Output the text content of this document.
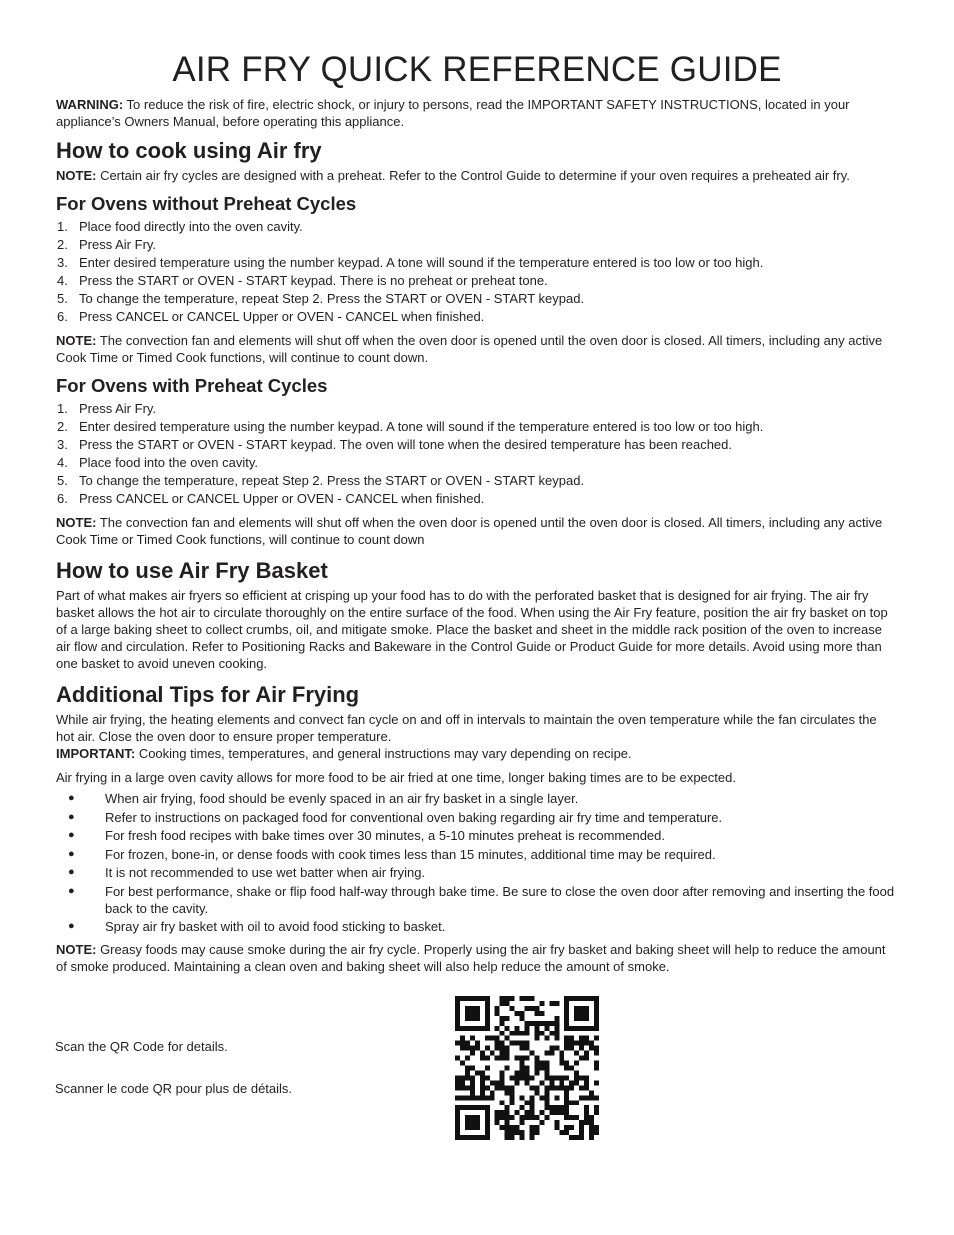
AIR FRY QUICK REFERENCE GUIDE

WARNING: To reduce the risk of fire, electric shock, or injury to persons, read the IMPORTANT SAFETY INSTRUCTIONS, located in your appliance’s Owners Manual, before operating this appliance.

How to cook using Air fry

NOTE: Certain air fry cycles are designed with a preheat. Refer to the Control Guide to determine if your oven requires a preheated air fry.

For Ovens without Preheat Cycles
1. Place food directly into the oven cavity.
2. Press Air Fry.
3. Enter desired temperature using the number keypad. A tone will sound if the temperature entered is too low or too high.
4. Press the START or OVEN - START keypad. There is no preheat or preheat tone.
5. To change the temperature, repeat Step 2. Press the START or OVEN - START keypad.
6. Press CANCEL or CANCEL Upper or OVEN - CANCEL when finished.

NOTE: The convection fan and elements will shut off when the oven door is opened until the oven door is closed. All timers, including any active Cook Time or Timed Cook functions, will continue to count down.

For Ovens with Preheat Cycles
1. Press Air Fry.
2. Enter desired temperature using the number keypad. A tone will sound if the temperature entered is too low or too high.
3. Press the START or OVEN - START keypad. The oven will tone when the desired temperature has been reached.
4. Place food into the oven cavity.
5. To change the temperature, repeat Step 2. Press the START or OVEN - START keypad.
6. Press CANCEL or CANCEL Upper or OVEN - CANCEL when finished.

NOTE: The convection fan and elements will shut off when the oven door is opened until the oven door is closed. All timers, including any active Cook Time or Timed Cook functions, will continue to count down

How to use Air Fry Basket

Part of what makes air fryers so efficient at crisping up your food has to do with the perforated basket that is designed for air frying. The air fry basket allows the hot air to circulate thoroughly on the entire surface of the food. When using the Air Fry feature, position the air fry basket on top of a large baking sheet to collect crumbs, oil, and mitigate smoke. Place the basket and sheet in the middle rack position of the oven to increase air flow and circulation. Refer to Positioning Racks and Bakeware in the Control Guide or Product Guide for more details. Avoid using more than one basket to avoid uneven cooking.

Additional Tips for Air Frying

While air frying, the heating elements and convect fan cycle on and off in intervals to maintain the oven temperature while the fan circulates the hot air. Close the oven door to ensure proper temperature.

IMPORTANT: Cooking times, temperatures, and general instructions may vary depending on recipe.

Air frying in a large oven cavity allows for more food to be air fried at one time, longer baking times are to be expected.

● When air frying, food should be evenly spaced in an air fry basket in a single layer.
● Refer to instructions on packaged food for conventional oven baking regarding air fry time and temperature.
● For fresh food recipes with bake times over 30 minutes, a 5-10 minutes preheat is recommended.
● For frozen, bone-in, or dense foods with cook times less than 15 minutes, additional time may be required.
● It is not recommended to use wet batter when air frying.
● For best performance, shake or flip food half-way through bake time. Be sure to close the oven door after removing and inserting the food back to the cavity.
● Spray air fry basket with oil to avoid food sticking to basket.

NOTE: Greasy foods may cause smoke during the air fry cycle. Properly using the air fry basket and baking sheet will help to reduce the amount of smoke produced. Maintaining a clean oven and baking sheet will also help reduce the amount of smoke.

Scan the QR Code for details.
Scanner le code QR pour plus de détails.
